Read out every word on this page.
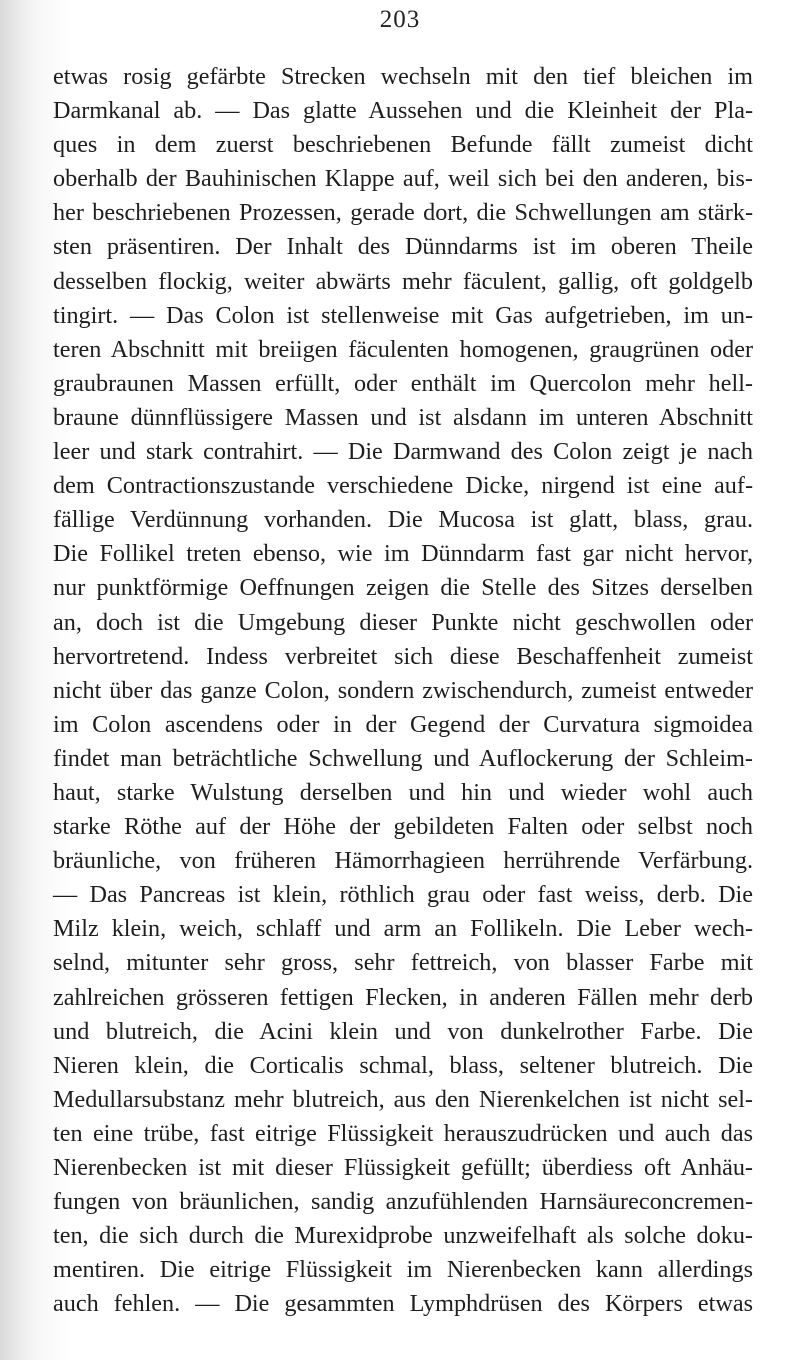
203
etwas rosig gefärbte Strecken wechseln mit den tief bleichen im
Darmkanal ab. — Das glatte Aussehen und die Kleinheit der Pla-
ques in dem zuerst beschriebenen Befunde fällt zumeist dicht
oberhalb der Bauhinischen Klappe auf, weil sich bei den anderen, bis-
her beschriebenen Prozessen, gerade dort, die Schwellungen am stärk-
sten präsentiren. Der Inhalt des Dünndarms ist im oberen Theile
desselben flockig, weiter abwärts mehr fäculent, gallig, oft goldgelb
tingirt. — Das Colon ist stellenweise mit Gas aufgetrieben, im un-
teren Abschnitt mit breiigen fäculenten homogenen, graugrünen oder
graubraunen Massen erfüllt, oder enthält im Quercolon mehr hell-
braune dünnflüssigere Massen und ist alsdann im unteren Abschnitt
leer und stark contrahirt. — Die Darmwand des Colon zeigt je nach
dem Contractionszustande verschiedene Dicke, nirgend ist eine auf-
fällige Verdünnung vorhanden. Die Mucosa ist glatt, blass, grau.
Die Follikel treten ebenso, wie im Dünndarm fast gar nicht hervor,
nur punktförmige Oeffnungen zeigen die Stelle des Sitzes derselben
an, doch ist die Umgebung dieser Punkte nicht geschwollen oder
hervortretend. Indess verbreitet sich diese Beschaffenheit zumeist
nicht über das ganze Colon, sondern zwischendurch, zumeist entweder
im Colon ascendens oder in der Gegend der Curvatura sigmoidea
findet man beträchtliche Schwellung und Auflockerung der Schleim-
haut, starke Wulstung derselben und hin und wieder wohl auch
starke Röthe auf der Höhe der gebildeten Falten oder selbst noch
bräunliche, von früheren Hämorrhagieen herrührende Verfärbung.
— Das Pancreas ist klein, röthlich grau oder fast weiss, derb. Die
Milz klein, weich, schlaff und arm an Follikeln. Die Leber wech-
selnd, mitunter sehr gross, sehr fettreich, von blasser Farbe mit
zahlreichen grösseren fettigen Flecken, in anderen Fällen mehr derb
und blutreich, die Acini klein und von dunkelrother Farbe. Die
Nieren klein, die Corticalis schmal, blass, seltener blutreich. Die
Medullarsubstanz mehr blutreich, aus den Nierenkelchen ist nicht sel-
ten eine trübe, fast eitrige Flüssigkeit herauszudrücken und auch das
Nierenbecken ist mit dieser Flüssigkeit gefüllt; überdiess oft Anhäu-
fungen von bräunlichen, sandig anzufühlenden Harnsäureconcremen-
ten, die sich durch die Murexidprobe unzweifelhaft als solche doku-
mentiren. Die eitrige Flüssigkeit im Nierenbecken kann allerdings
auch fehlen. — Die gesammten Lymphdrüsen des Körpers etwas
